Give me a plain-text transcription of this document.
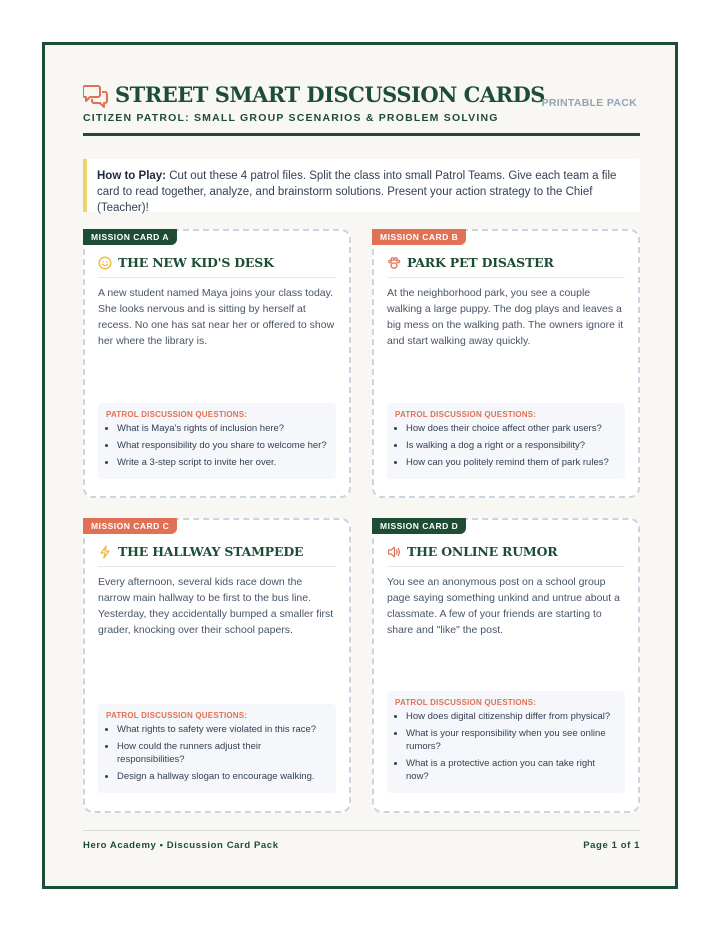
STREET SMART DISCUSSION CARDS
CITIZEN PATROL: SMALL GROUP SCENARIOS & PROBLEM SOLVING
PRINTABLE PACK
How to Play: Cut out these 4 patrol files. Split the class into small Patrol Teams. Give each team a file card to read together, analyze, and brainstorm solutions. Present your action strategy to the Chief (Teacher)!
MISSION CARD A
THE NEW KID'S DESK
A new student named Maya joins your class today. She looks nervous and is sitting by herself at recess. No one has sat near her or offered to show her where the library is.
PATROL DISCUSSION QUESTIONS:
• What is Maya's rights of inclusion here?
• What responsibility do you share to welcome her?
• Write a 3-step script to invite her over.
MISSION CARD B
PARK PET DISASTER
At the neighborhood park, you see a couple walking a large puppy. The dog plays and leaves a big mess on the walking path. The owners ignore it and start walking away quickly.
PATROL DISCUSSION QUESTIONS:
• How does their choice affect other park users?
• Is walking a dog a right or a responsibility?
• How can you politely remind them of park rules?
MISSION CARD C
THE HALLWAY STAMPEDE
Every afternoon, several kids race down the narrow main hallway to be first to the bus line. Yesterday, they accidentally bumped a smaller first grader, knocking over their school papers.
PATROL DISCUSSION QUESTIONS:
• What rights to safety were violated in this race?
• How could the runners adjust their responsibilities?
• Design a hallway slogan to encourage walking.
MISSION CARD D
THE ONLINE RUMOR
You see an anonymous post on a school group page saying something unkind and untrue about a classmate. A few of your friends are starting to share and "like" the post.
PATROL DISCUSSION QUESTIONS:
• How does digital citizenship differ from physical?
• What is your responsibility when you see online rumors?
• What is a protective action you can take right now?
Hero Academy • Discussion Card Pack	Page 1 of 1
